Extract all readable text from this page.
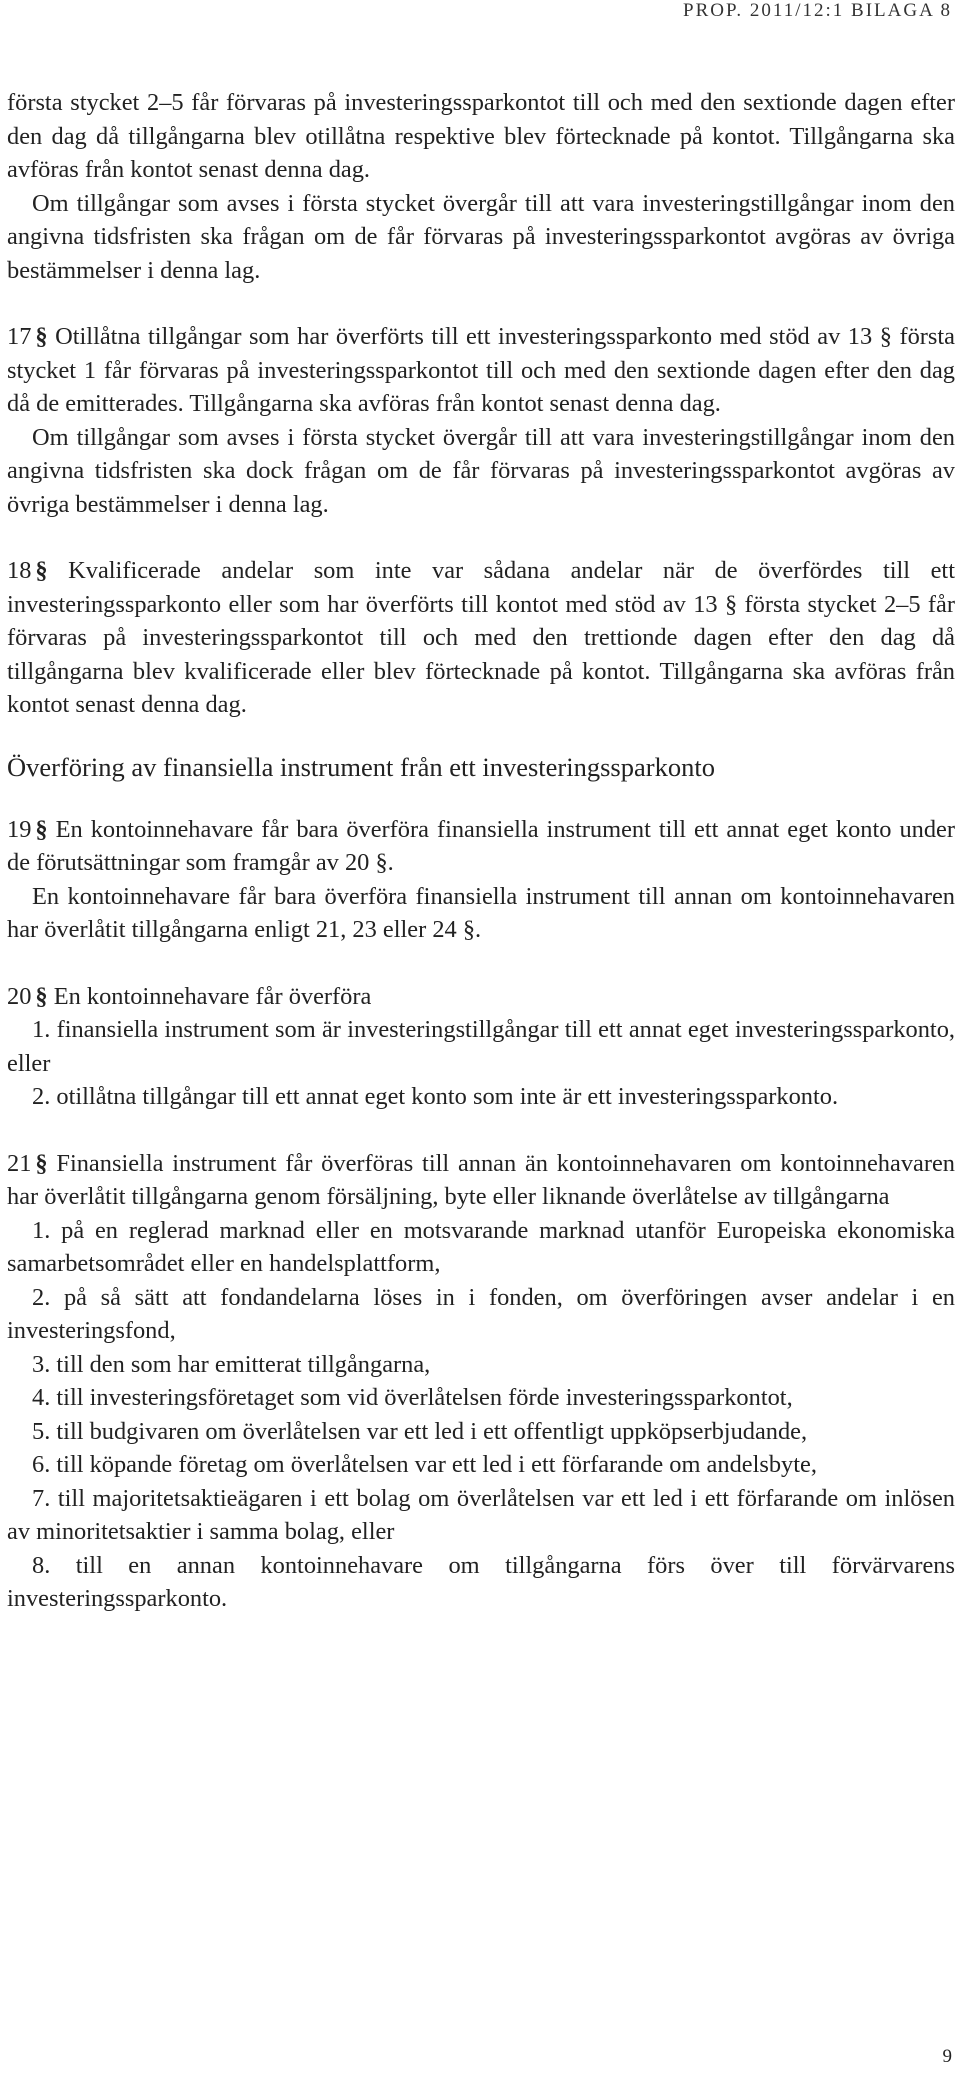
PROP. 2011/12:1 BILAGA 8

första stycket 2–5 får förvaras på investeringssparkontot till och med den sextionde dagen efter den dag då tillgångarna blev otillåtna respektive blev förtecknade på kontot. Tillgångarna ska avföras från kontot senast denna dag.

Om tillgångar som avses i första stycket övergår till att vara investeringstillgångar inom den angivna tidsfristen ska frågan om de får förvaras på investeringssparkontot avgöras av övriga bestämmelser i denna lag.

17 § Otillåtna tillgångar som har överförts till ett investeringssparkonto med stöd av 13 § första stycket 1 får förvaras på investeringssparkontot till och med den sextionde dagen efter den dag då de emitterades. Tillgångarna ska avföras från kontot senast denna dag.

Om tillgångar som avses i första stycket övergår till att vara investeringstillgångar inom den angivna tidsfristen ska dock frågan om de får förvaras på investeringssparkontot avgöras av övriga bestämmelser i denna lag.

18 § Kvalificerade andelar som inte var sådana andelar när de överfördes till ett investeringssparkonto eller som har överförts till kontot med stöd av 13 § första stycket 2–5 får förvaras på investeringssparkontot till och med den trettionde dagen efter den dag då tillgångarna blev kvalificerade eller blev förtecknade på kontot. Tillgångarna ska avföras från kontot senast denna dag.

Överföring av finansiella instrument från ett investeringssparkonto

19 § En kontoinnehavare får bara överföra finansiella instrument till ett annat eget konto under de förutsättningar som framgår av 20 §.

En kontoinnehavare får bara överföra finansiella instrument till annan om kontoinnehavaren har överlåtit tillgångarna enligt 21, 23 eller 24 §.

20 § En kontoinnehavare får överföra

1. finansiella instrument som är investeringstillgångar till ett annat eget investeringssparkonto, eller

2. otillåtna tillgångar till ett annat eget konto som inte är ett investeringssparkonto.

21 § Finansiella instrument får överföras till annan än kontoinnehavaren om kontoinnehavaren har överlåtit tillgångarna genom försäljning, byte eller liknande överlåtelse av tillgångarna

1. på en reglerad marknad eller en motsvarande marknad utanför Europeiska ekonomiska samarbetsområdet eller en handelsplattform,

2. på så sätt att fondandelarna löses in i fonden, om överföringen avser andelar i en investeringsfond,

3. till den som har emitterat tillgångarna,

4. till investeringsföretaget som vid överlåtelsen förde investeringssparkontot,

5. till budgivaren om överlåtelsen var ett led i ett offentligt uppköpserbjudande,

6. till köpande företag om överlåtelsen var ett led i ett förfarande om andelsbyte,

7. till majoritetsaktieägaren i ett bolag om överlåtelsen var ett led i ett förfarande om inlösen av minoritetsaktier i samma bolag, eller

8. till en annan kontoinnehavare om tillgångarna förs över till förvärvarens investeringssparkonto.

9
